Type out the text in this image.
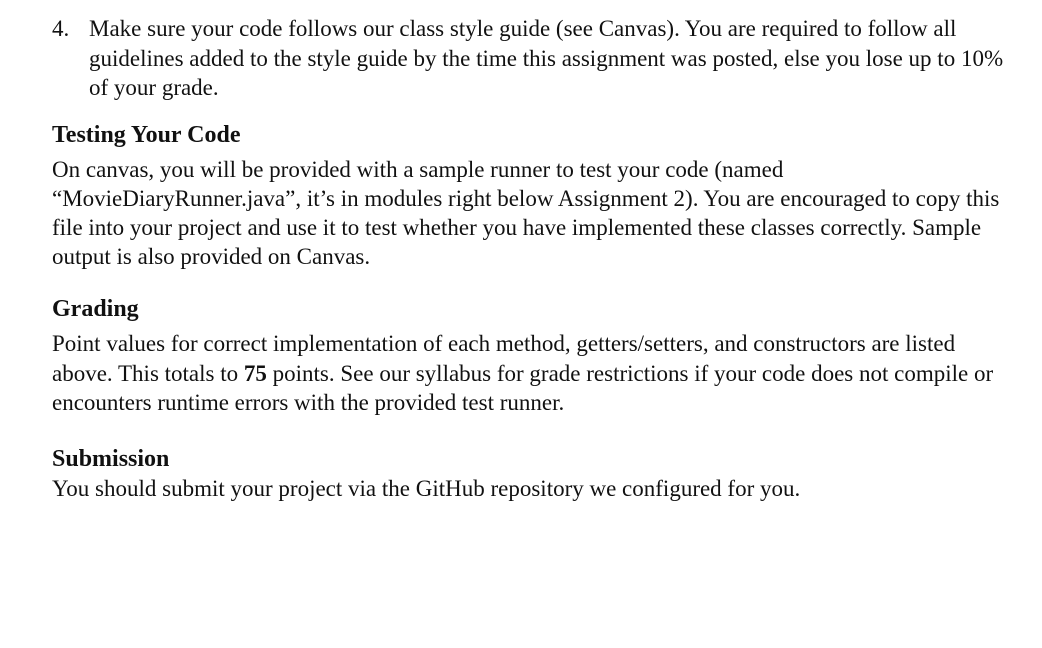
4. Make sure your code follows our class style guide (see Canvas). You are required to follow all guidelines added to the style guide by the time this assignment was posted, else you lose up to 10% of your grade.
Testing Your Code

On canvas, you will be provided with a sample runner to test your code (named “MovieDiaryRunner.java”, it’s in modules right below Assignment 2). You are encouraged to copy this file into your project and use it to test whether you have implemented these classes correctly. Sample output is also provided on Canvas.

Grading

Point values for correct implementation of each method, getters/setters, and constructors are listed above. This totals to 75 points. See our syllabus for grade restrictions if your code does not compile or encounters runtime errors with the provided test runner.

Submission

You should submit your project via the GitHub repository we configured for you.
